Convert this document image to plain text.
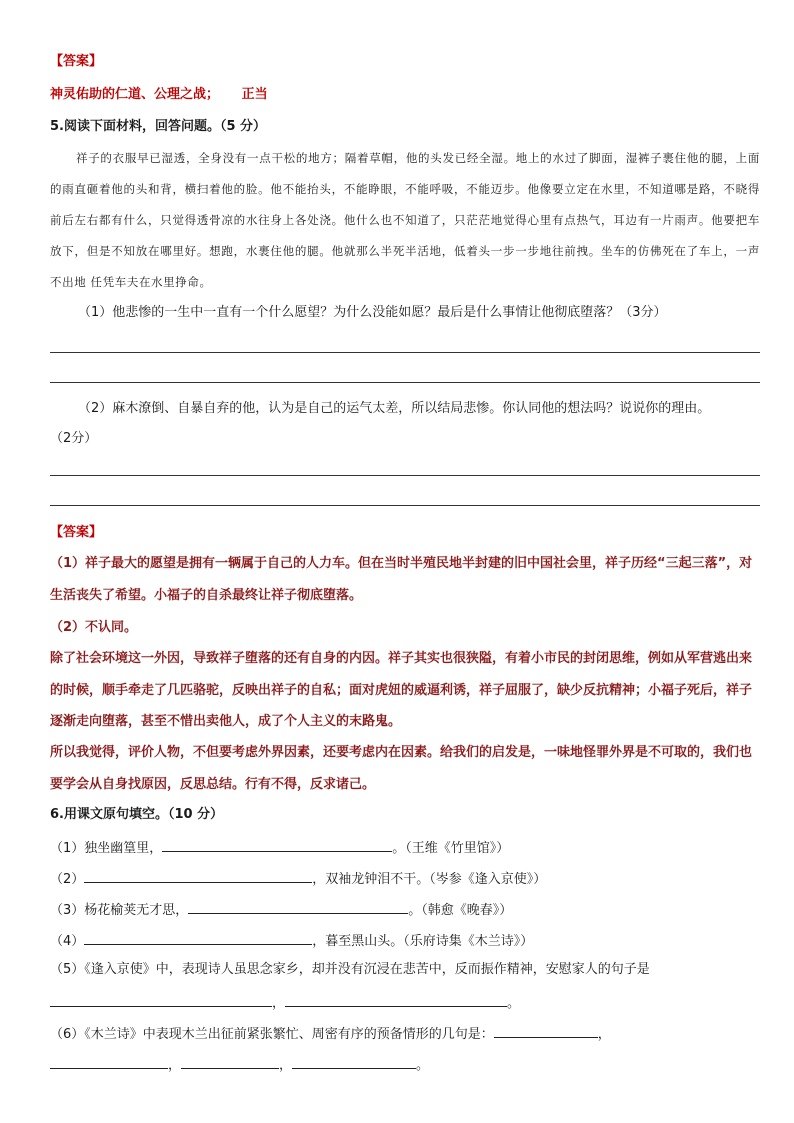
【答案】
神灵佑助的仁道、公理之战； 正当
5.阅读下面材料，回答问题。（5 分）
祥子的衣服早已湿透，全身没有一点干松的地方；隔着草帽，他的头发已经全湿。地上的水过了脚面，湿裤子裹住他的腿，上面的雨直砸着他的头和背，横扫着他的脸。他不能抬头，不能睁眼，不能呼吸，不能迈步。他像要立定在水里，不知道哪是路，不晓得前后左右都有什么，只觉得透骨凉的水往身上各处浇。他什么也不知道了，只茫茫地觉得心里有点热气，耳边有一片雨声。他要把车放下，但是不知放在哪里好。想跑，水裹住他的腿。他就那么半死半活地，低着头一步一步地往前拽。坐车的仿佛死在了车上，一声不出地 任凭车夫在水里挣命。
（1）他悲惨的一生中一直有一个什么愿望？为什么没能如愿？最后是什么事情让他彻底堕落？（3分）
（2）麻木潦倒、自暴自弃的他，认为是自己的运气太差，所以结局悲惨。你认同他的想法吗？说说你的理由。
（2分）
【答案】
（1）祥子最大的愿望是拥有一辆属于自己的人力车。但在当时半殖民地半封建的旧中国社会里，祥子历经“三起三落”，对生活丧失了希望。小福子的自杀最终让祥子彻底堕落。
（2）不认同。
除了社会环境这一外因，导致祥子堕落的还有自身的内因。祥子其实也很狭隘，有着小市民的封闭思维，例如从军营逃出来的时候，顺手牵走了几匹骆驼，反映出祥子的自私；面对虎妞的威逼利诱，祥子屈服了，缺少反抗精神；小福子死后，祥子逐渐走向堕落，甚至不惜出卖他人，成了个人主义的末路鬼。
所以我觉得，评价人物，不但要考虑外界因素，还要考虑内在因素。给我们的启发是，一味地怪罪外界是不可取的，我们也要学会从自身找原因，反思总结。行有不得，反求诸己。
6.用课文原句填空。（10 分）
（1）独坐幽篁里，	。（王维《竹里馆》）
（2）	，双袖龙钟泪不干。（岑参《逢入京使》）
（3）杨花榆荚无才思，	。（韩愈《晚春》）
（4）	，暮至黑山头。（乐府诗集《木兰诗》）
（5）《逢入京使》中，表现诗人虽思念家乡，却并没有沉浸在悲苦中，反而振作精神，安慰家人的句子是
，	。
（6）《木兰诗》中表现木兰出征前紧张繁忙、周密有序的预备情形的几句是：	，
，	，	。
